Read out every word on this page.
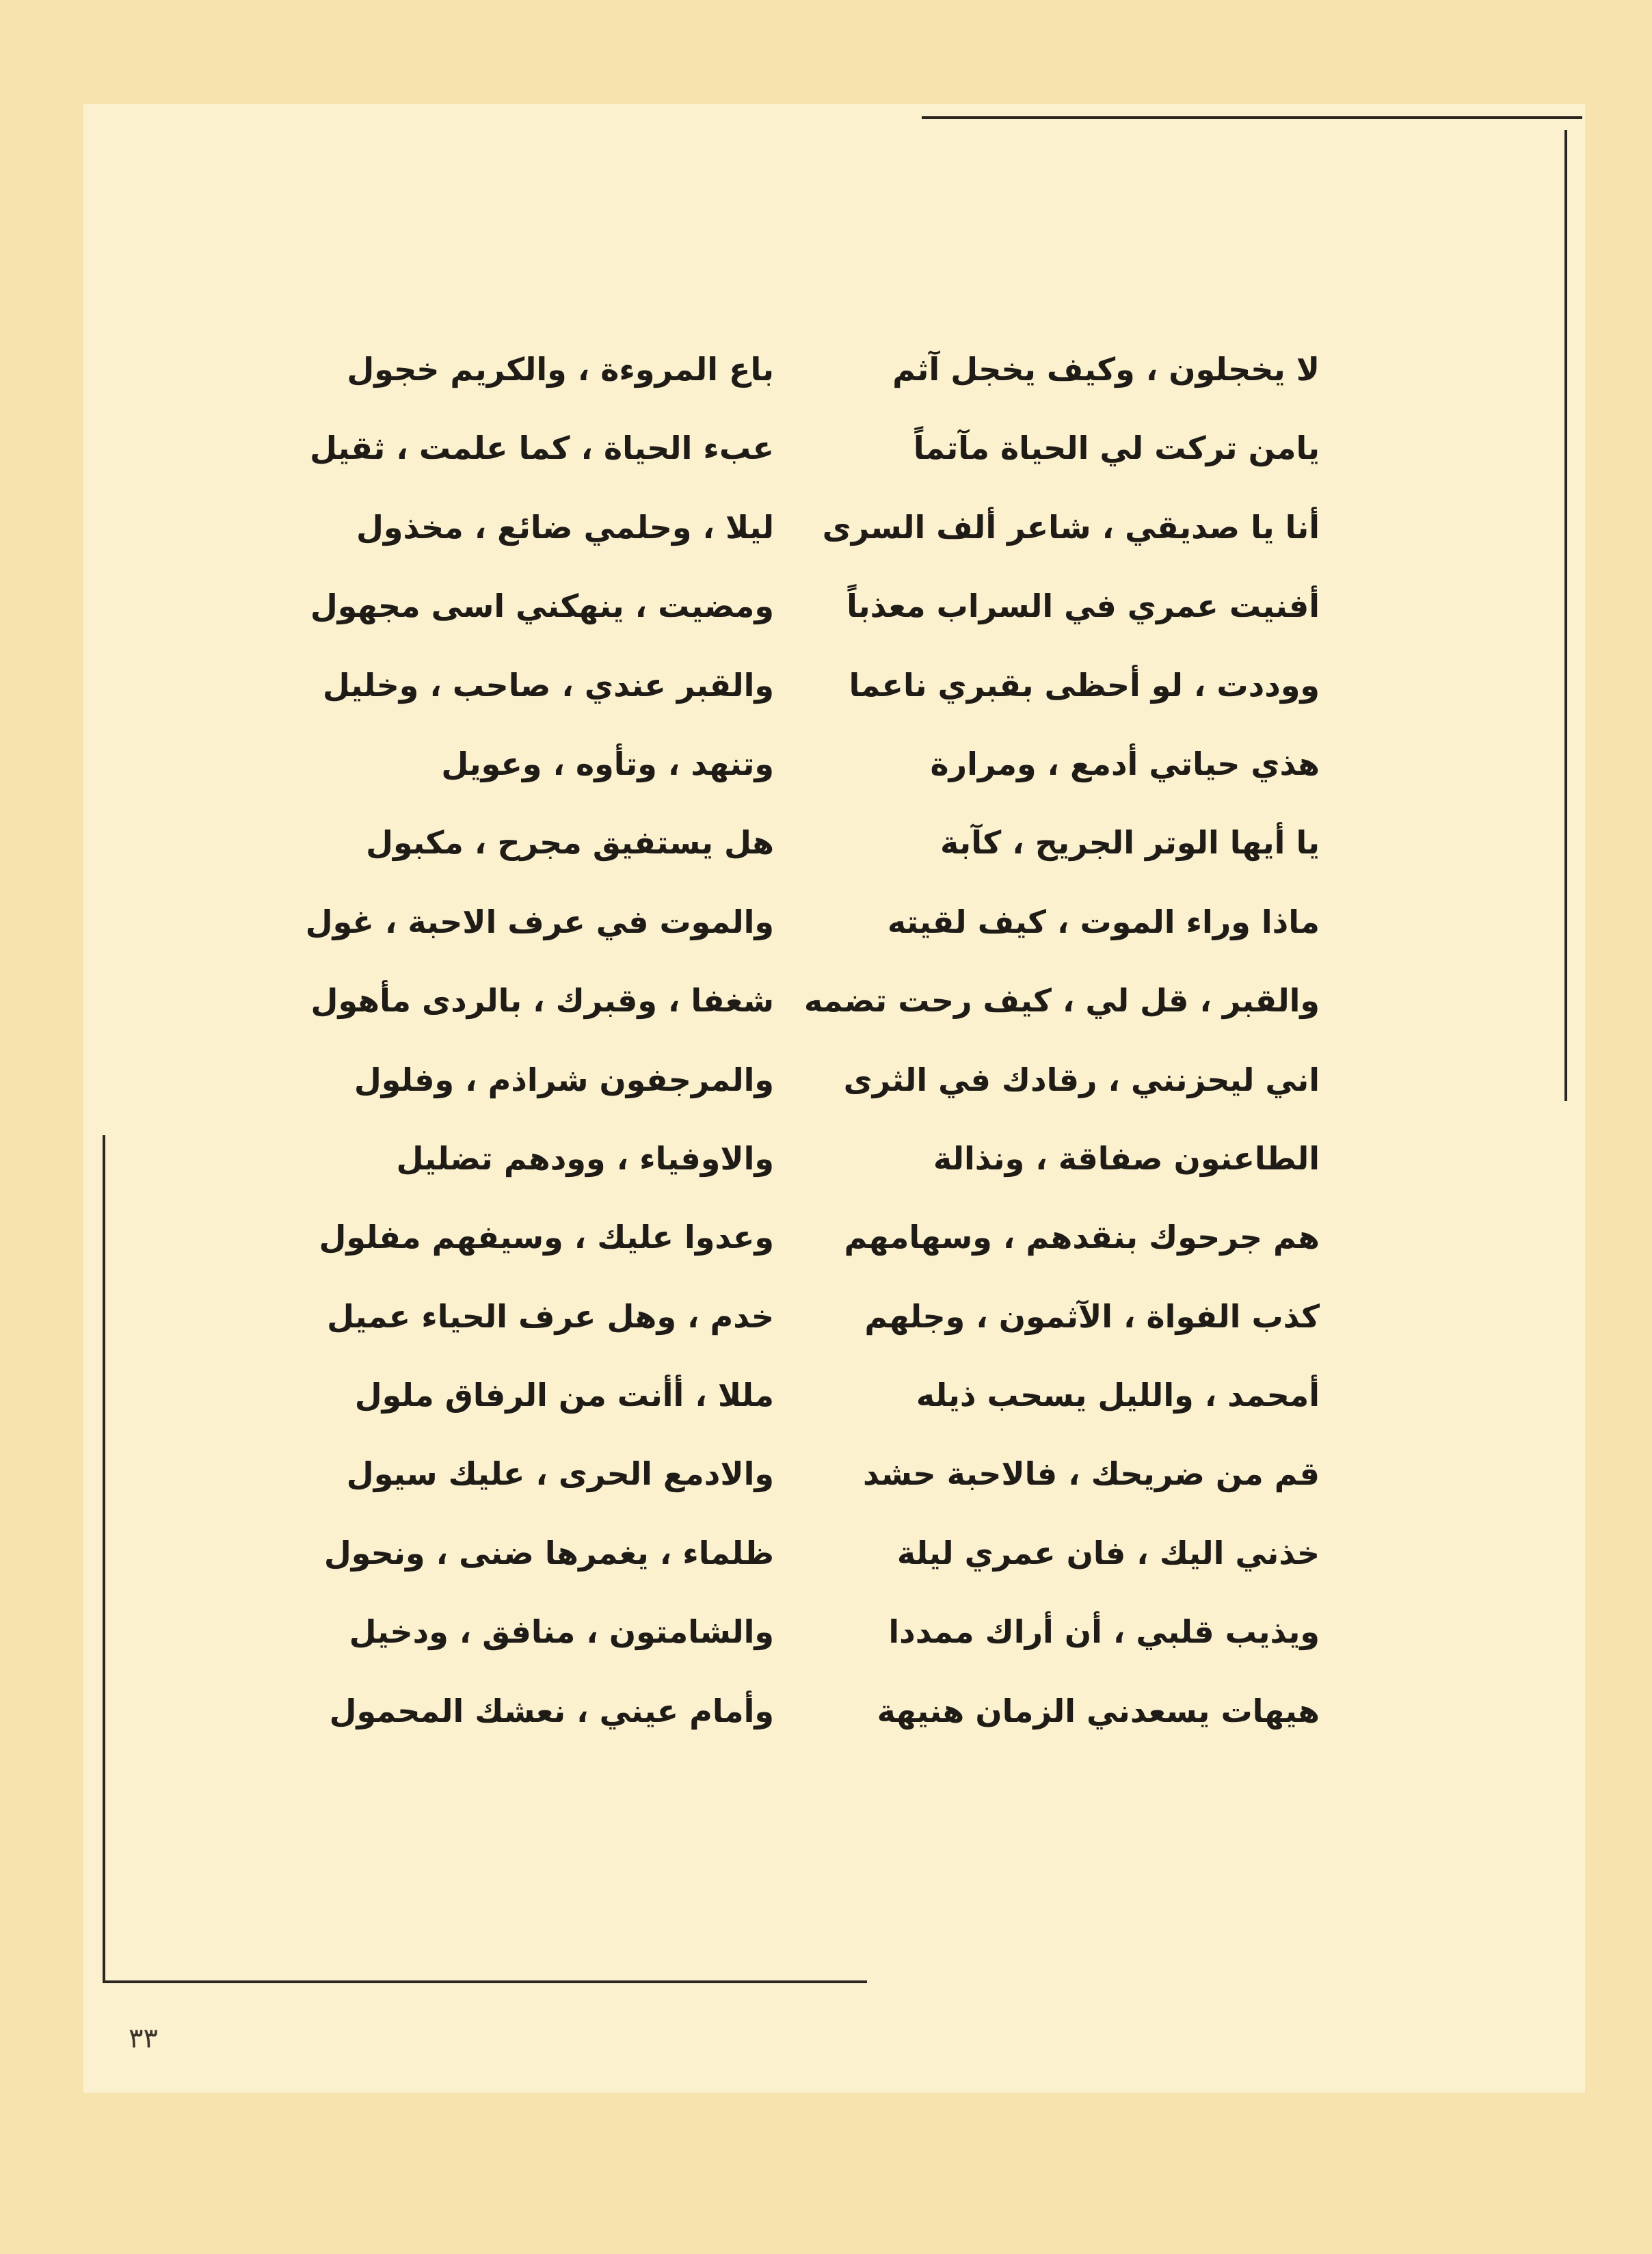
لا يخجلون ، وكيف يخجل آثم
يامن تركت لي الحياة مآتماً
أنا يا صديقي ، شاعر ألف السرى
أفنيت عمري في السراب معذباً
ووددت ، لو أحظى بقبري ناعما
هذي حياتي أدمع ، ومرارة
يا أيها الوتر الجريح ، كآبة
ماذا وراء الموت ، كيف لقيته
والقبر ، قل لي ، كيف رحت تضمه
اني ليحزنني ، رقادك في الثرى
الطاعنون صفاقة ، ونذالة
هم جرحوك بنقدهم ، وسهامهم
كذب الفواة ، الآثمون ، وجلهم
أمحمد ، والليل يسحب ذيله
قم من ضريحك ، فالاحبة حشد
خذني اليك ، فان عمري ليلة
ويذيب قلبي ، أن أراك ممددا
هيهات يسعدني الزمان هنيهة
باع المروءة ، والكريم خجول
عبء الحياة ، كما علمت ، ثقيل
ليلا ، وحلمي ضائع ، مخذول
ومضيت ، ينهكني اسى مجهول
والقبر عندي ، صاحب ، وخليل
وتنهد ، وتأوه ، وعويل
هل يستفيق مجرح ، مكبول
والموت في عرف الاحبة ، غول
شغفا ، وقبرك ، بالردى مأهول
والمرجفون شراذم ، وفلول
والاوفياء ، وودهم تضليل
وعدوا عليك ، وسيفهم مفلول
خدم ، وهل عرف الحياء عميل
مللا ، أأنت من الرفاق ملول
والادمع الحرى ، عليك سيول
ظلماء ، يغمرها ضنى ، ونحول
والشامتون ، منافق ، ودخيل
وأمام عيني ، نعشك المحمول
٣٣
